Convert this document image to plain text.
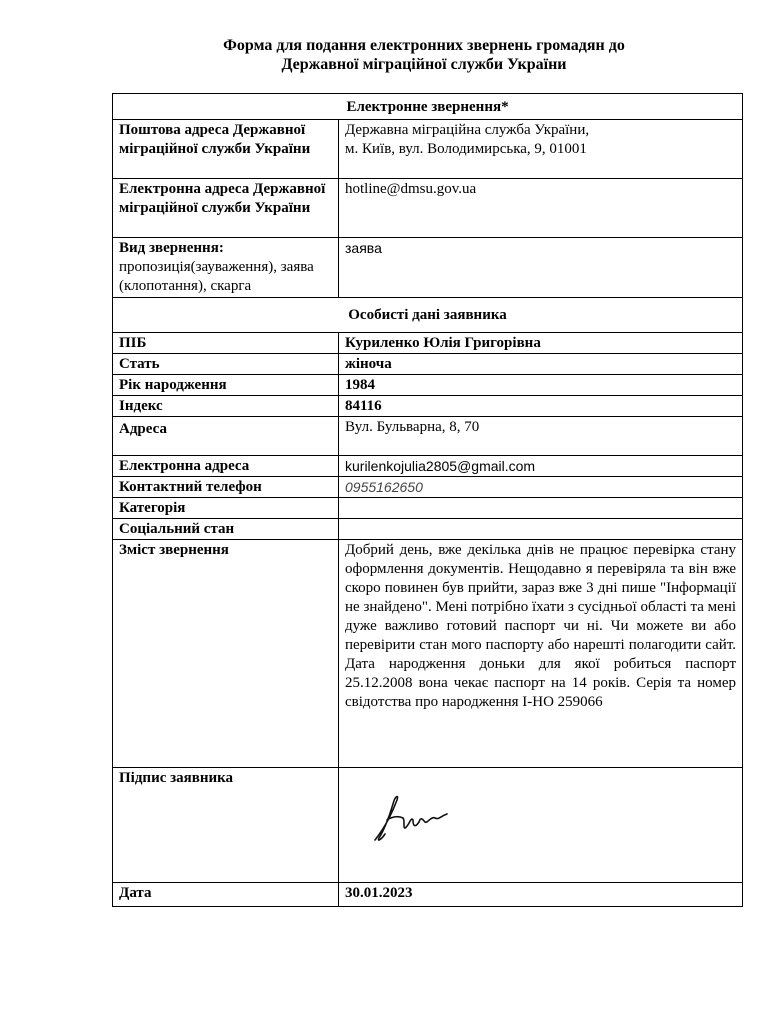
Форма для подання електронних звернень громадян до
Державної міграційної служби України
Електронне звернення*	
Поштова адреса Державної міграційної служби України	Державна міграційна служба України,
м. Київ, вул. Володимирська, 9, 01001

Електронна адреса Державної міграційної служби України	hotline@dmsu.gov.ua

Вид звернення:
пропозиція(зауваження), заява (клопотання), скарга	заява
Особисті дані заявника	
ПІБ	Куриленко Юлія Григорівна
Стать	жіноча
Рік народження	1984
Індекс	84116
Адреса	Вул. Бульварна, 8, 70
Електронна адреса	kurilenkojulia2805@gmail.com
Контактний телефон	0955162650
Категорія	
Соціальний стан	
Зміст звернення	Добрий день, вже декілька днів не працює перевірка стану оформлення документів. Нещодавно я перевіряла та він вже скоро повинен був прийти, зараз вже 3 дні пише "Інформації не знайдено". Мені потрібно їхати з сусідньої області та мені дуже важливо готовий паспорт чи ні. Чи можете ви або перевірити стан мого паспорту або нарешті полагодити сайт. Дата народження доньки для якої робиться паспорт 25.12.2008 вона чекає паспорт на 14 років. Серія та номер свідотства про народження І-НО 259066
Підпис заявника	

Дата	30.01.2023
